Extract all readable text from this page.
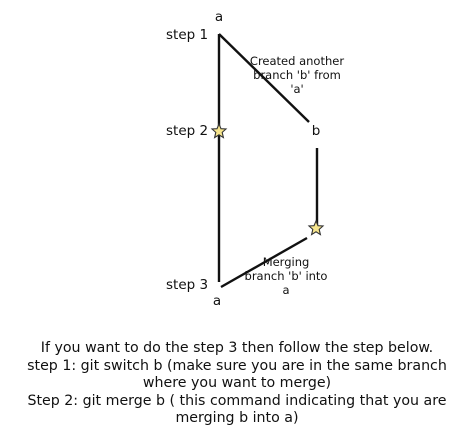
a
a
b
step 1
step 2
step 3
Created another
branch 'b' from
'a'
Merging
branch 'b' into
a
If you want to do the step 3 then follow the step below.
step 1: git switch b (make sure you are in the same branch where you want to merge)
Step 2: git merge b ( this command indicating that you are merging b into a)
